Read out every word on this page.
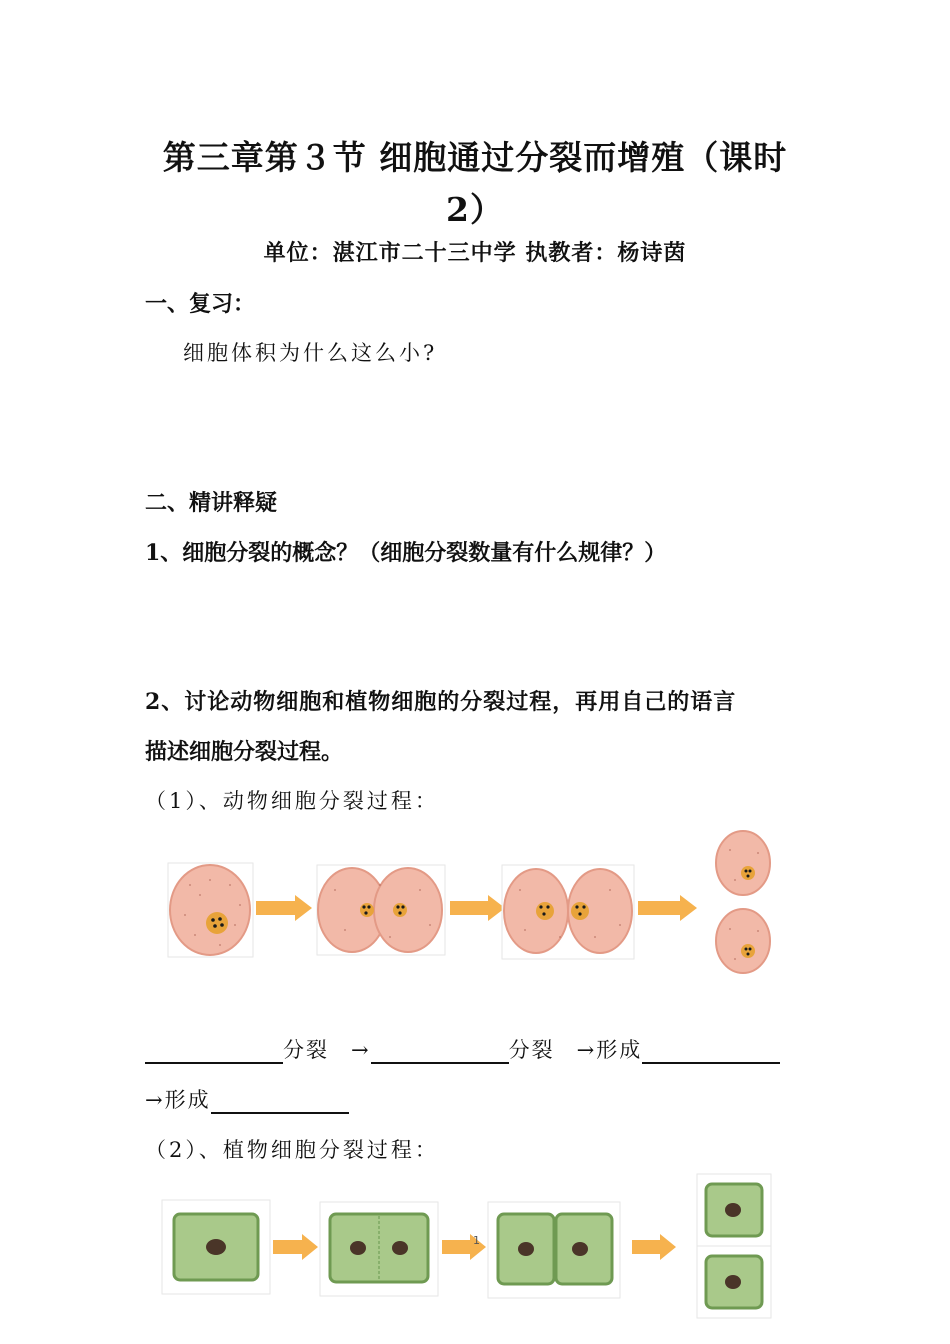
第三章第３节 细胞通过分裂而增殖（课时
2）
单位：湛江市二十三中学 执教者：杨诗茵
一、复习：
细胞体积为什么这么小?
二、精讲释疑
1、细胞分裂的概念？（细胞分裂数量有什么规律？）
2、讨论动物细胞和植物细胞的分裂过程，再用自己的语言
描述细胞分裂过程。
（1）、动物细胞分裂过程：
分裂 →	分裂 →形成
→形成
（2）、植物细胞分裂过程：
1
